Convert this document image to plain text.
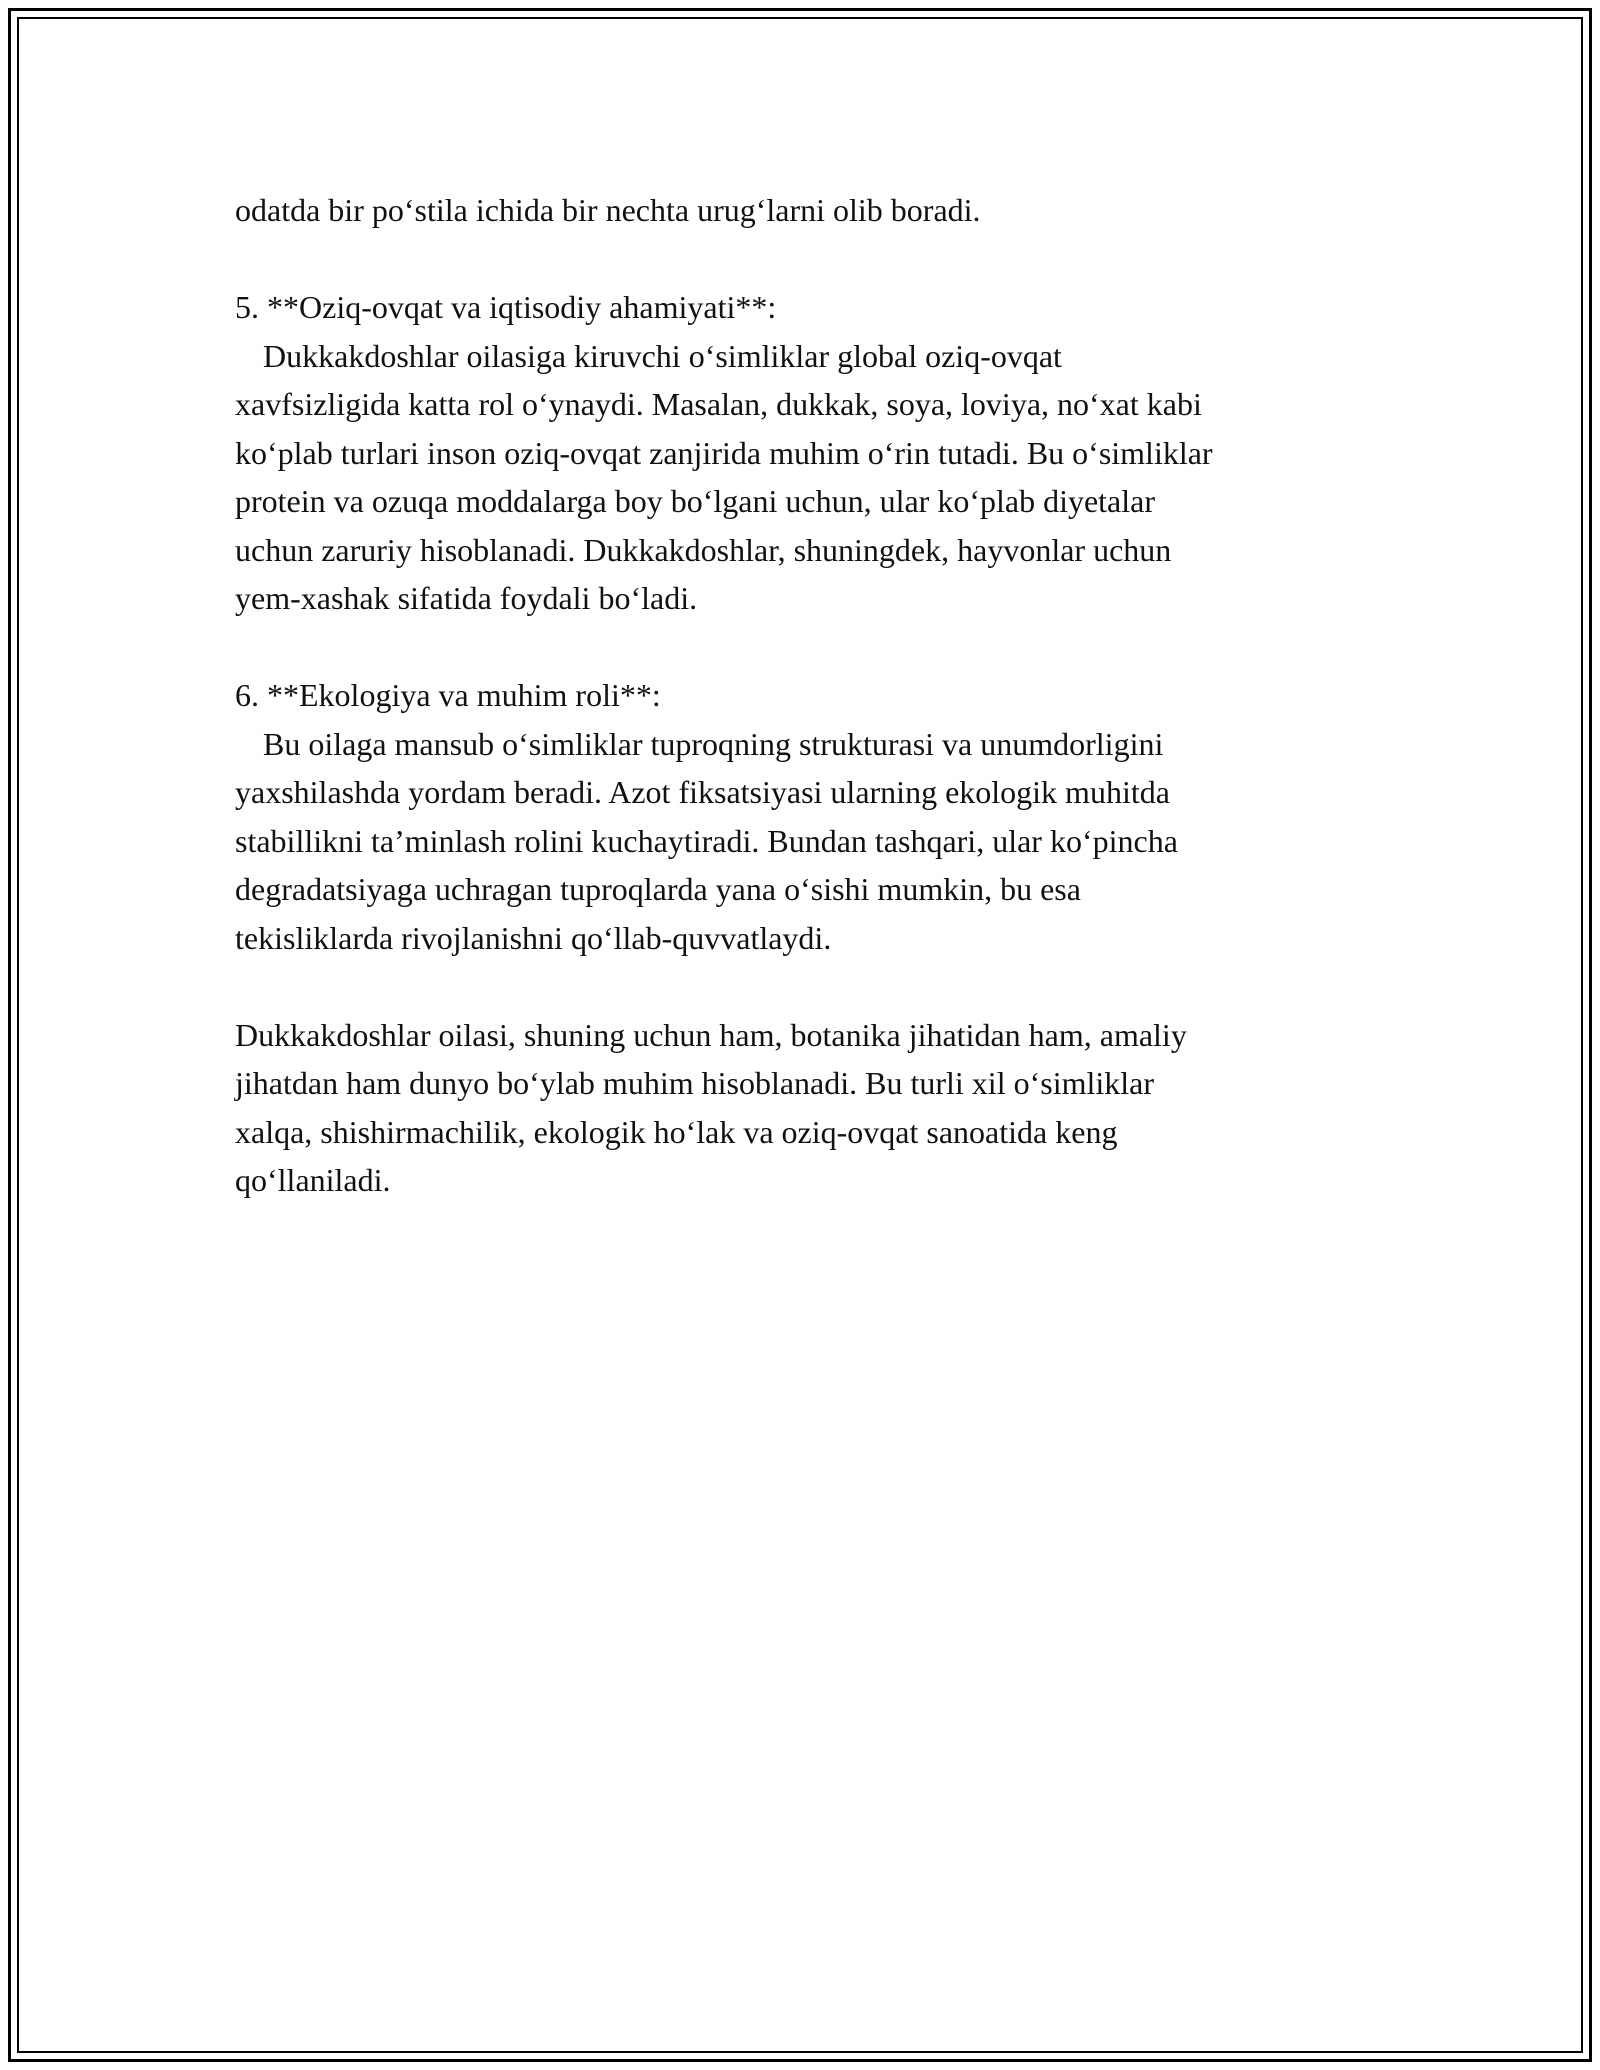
odatda bir po‘stila ichida bir nechta urug‘larni olib boradi.
5. **Oziq-ovqat va iqtisodiy ahamiyati**:
Dukkakdoshlar oilasiga kiruvchi o‘simliklar global oziq-ovqat
xavfsizligida katta rol o‘ynaydi. Masalan, dukkak, soya, loviya, no‘xat kabi
ko‘plab turlari inson oziq-ovqat zanjirida muhim o‘rin tutadi. Bu o‘simliklar
protein va ozuqa moddalarga boy bo‘lgani uchun, ular ko‘plab diyetalar
uchun zaruriy hisoblanadi. Dukkakdoshlar, shuningdek, hayvonlar uchun
yem-xashak sifatida foydali bo‘ladi.
6. **Ekologiya va muhim roli**:
Bu oilaga mansub o‘simliklar tuproqning strukturasi va unumdorligini
yaxshilashda yordam beradi. Azot fiksatsiyasi ularning ekologik muhitda
stabillikni ta’minlash rolini kuchaytiradi. Bundan tashqari, ular ko‘pincha
degradatsiyaga uchragan tuproqlarda yana o‘sishi mumkin, bu esa
tekisliklarda rivojlanishni qo‘llab-quvvatlaydi.
Dukkakdoshlar oilasi, shuning uchun ham, botanika jihatidan ham, amaliy
jihatdan ham dunyo bo‘ylab muhim hisoblanadi. Bu turli xil o‘simliklar
xalqa, shishirmachilik, ekologik ho‘lak va oziq-ovqat sanoatida keng
qo‘llaniladi.
